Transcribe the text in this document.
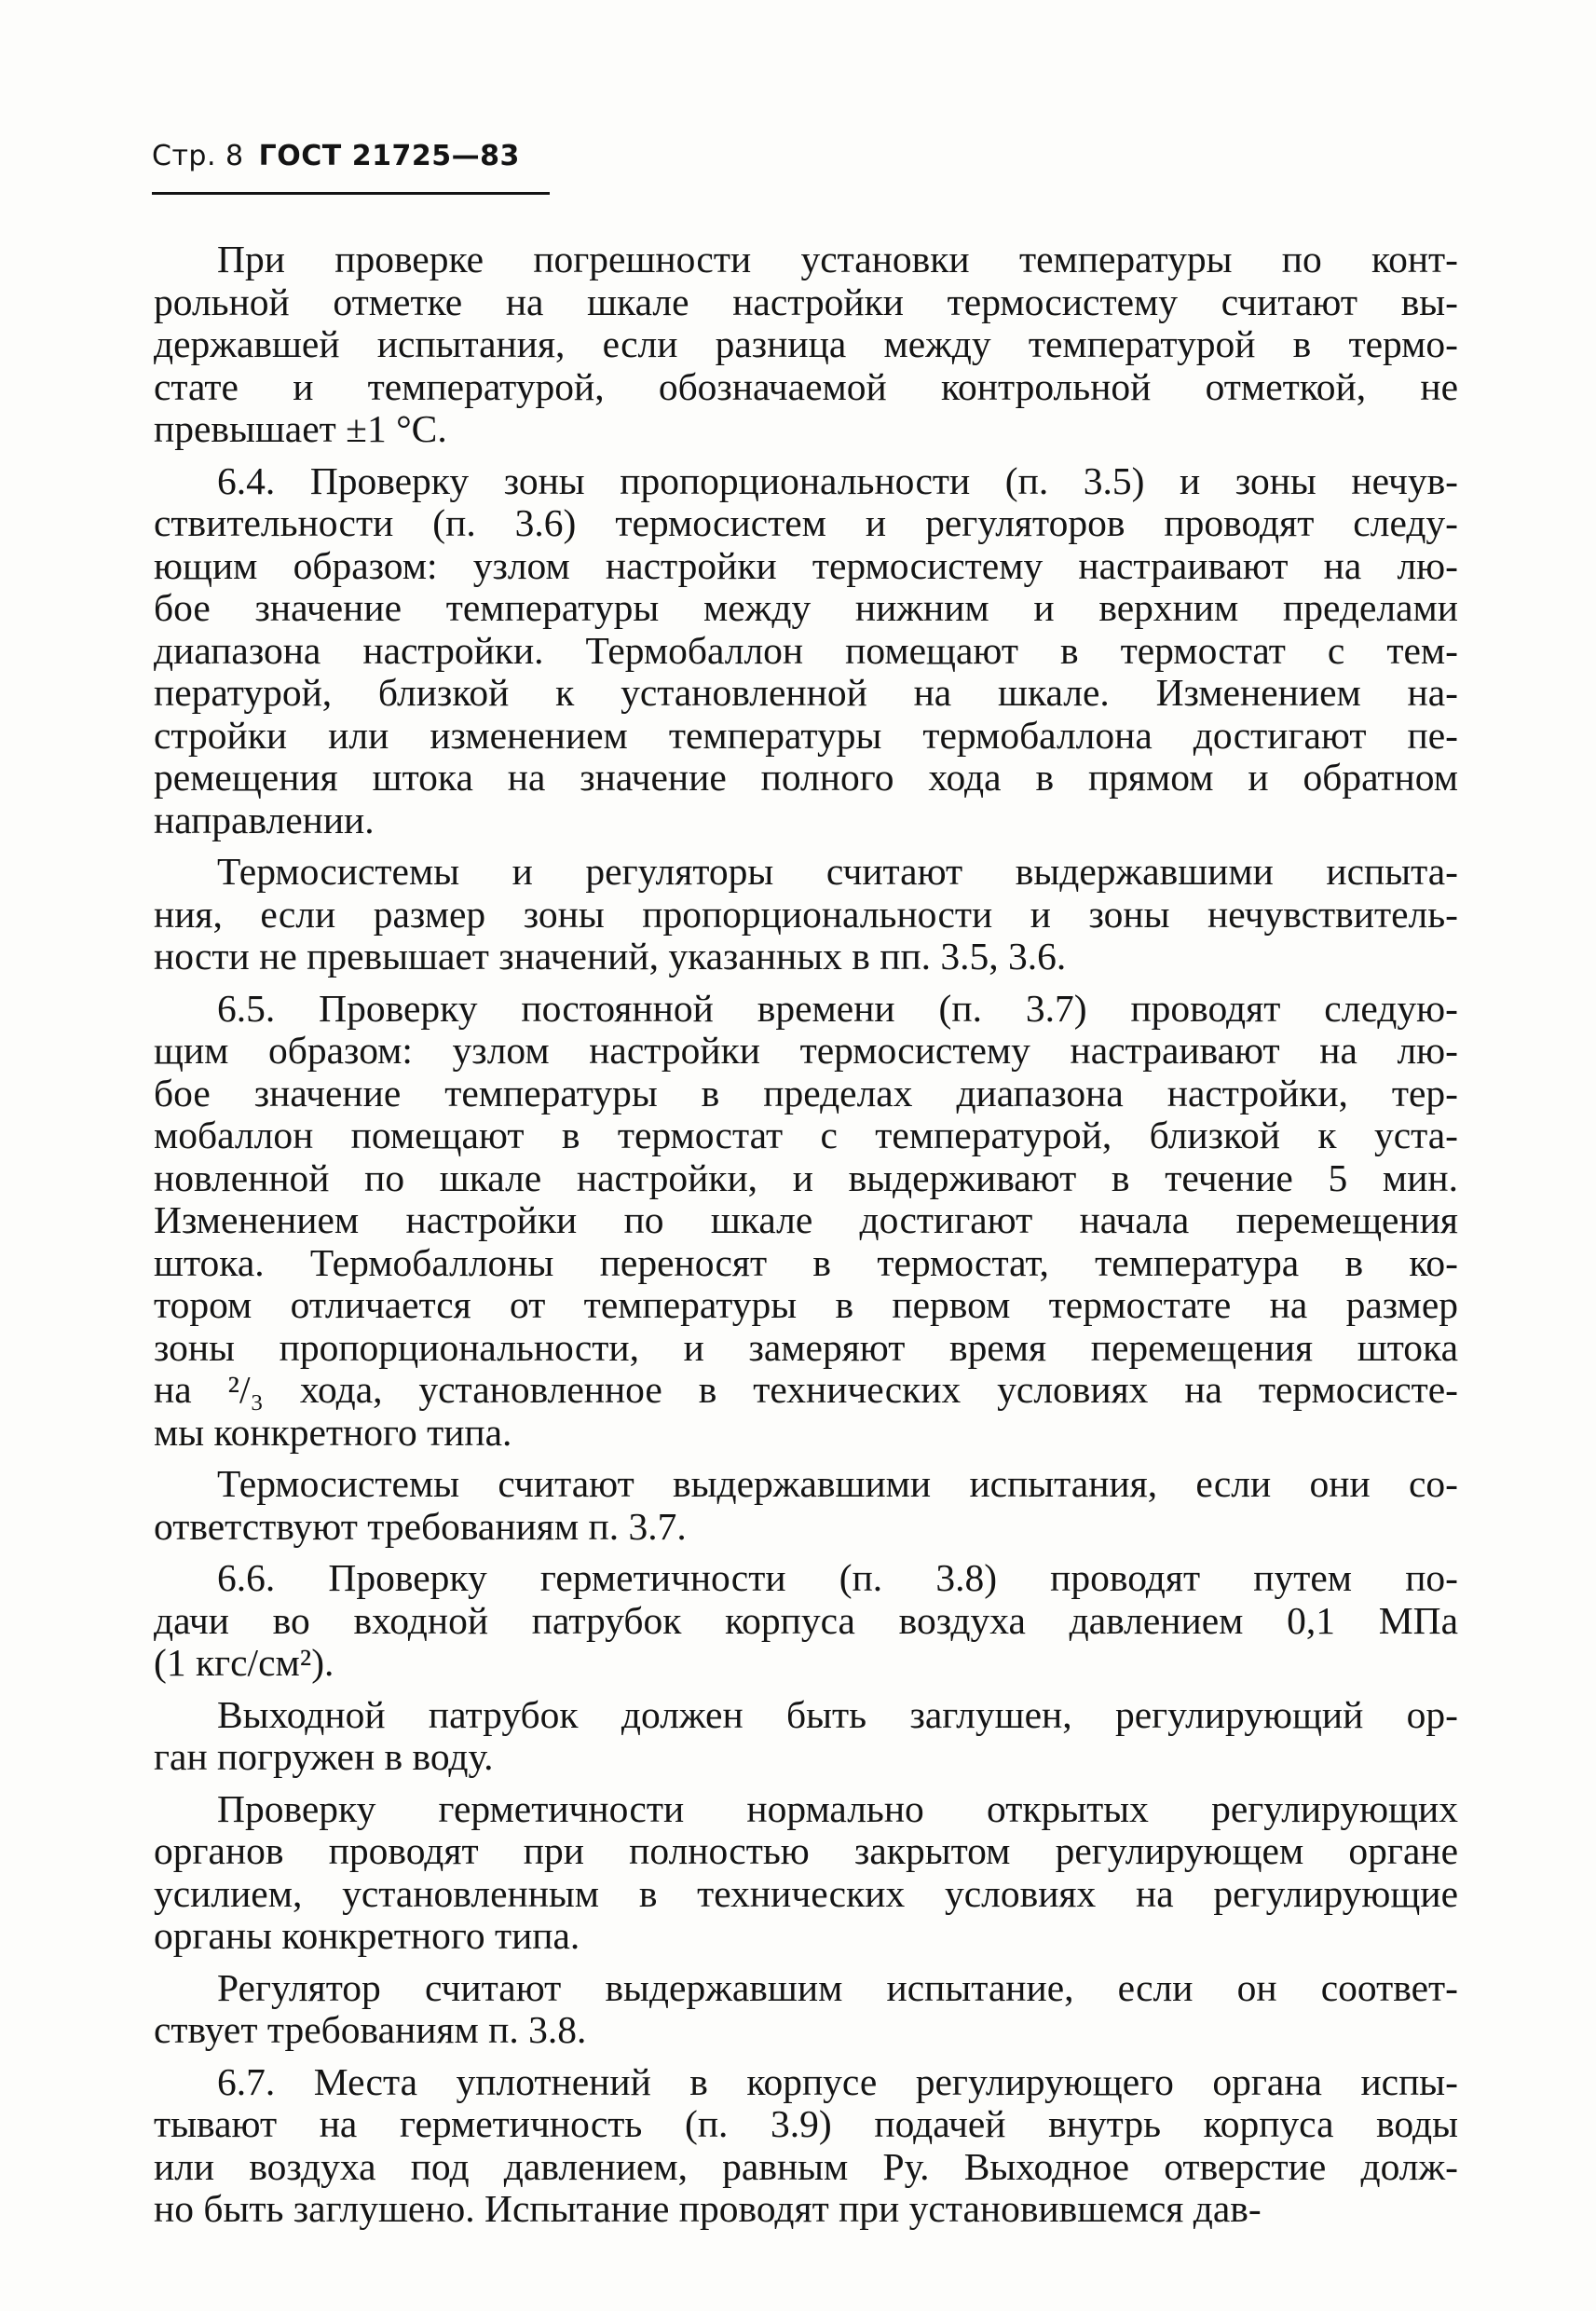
Стр. 8 ГОСТ 21725—83
При проверке погрешности установки температуры по конт-
рольной отметке на шкале настройки термосистему считают вы-
державшей испытания, если разница между температурой в термо-
стате и температурой, обозначаемой контрольной отметкой, не
превышает ±1 °С.
6.4. Проверку зоны пропорциональности (п. 3.5) и зоны нечув-
ствительности (п. 3.6) термосистем и регуляторов проводят следу-
ющим образом: узлом настройки термосистему настраивают на лю-
бое значение температуры между нижним и верхним пределами
диапазона настройки. Термобаллон помещают в термостат с тем-
пературой, близкой к установленной на шкале. Изменением на-
стройки или изменением температуры термобаллона достигают пе-
ремещения штока на значение полного хода в прямом и обратном
направлении.
Термосистемы и регуляторы считают выдержавшими испыта-
ния, если размер зоны пропорциональности и зоны нечувствитель-
ности не превышает значений, указанных в пп. 3.5, 3.6.
6.5. Проверку постоянной времени (п. 3.7) проводят следую-
щим образом: узлом настройки термосистему настраивают на лю-
бое значение температуры в пределах диапазона настройки, тер-
мобаллон помещают в термостат с температурой, близкой к уста-
новленной по шкале настройки, и выдерживают в течение 5 мин.
Изменением настройки по шкале достигают начала перемещения
штока. Термобаллоны переносят в термостат, температура в ко-
тором отличается от температуры в первом термостате на размер
зоны пропорциональности, и замеряют время перемещения штока
на ²/₃ хода, установленное в технических условиях на термосисте-
мы конкретного типа.
Термосистемы считают выдержавшими испытания, если они со-
ответствуют требованиям п. 3.7.
6.6. Проверку герметичности (п. 3.8) проводят путем по-
дачи во входной патрубок корпуса воздуха давлением 0,1 МПа
(1 кгс/см²).
Выходной патрубок должен быть заглушен, регулирующий ор-
ган погружен в воду.
Проверку герметичности нормально открытых регулирующих
органов проводят при полностью закрытом регулирующем органе
усилием, установленным в технических условиях на регулирующие
органы конкретного типа.
Регулятор считают выдержавшим испытание, если он соответ-
ствует требованиям п. 3.8.
6.7. Места уплотнений в корпусе регулирующего органа испы-
тывают на герметичность (п. 3.9) подачей внутрь корпуса воды
или воздуха под давлением, равным Pу. Выходное отверстие долж-
но быть заглушено. Испытание проводят при установившемся дав-
